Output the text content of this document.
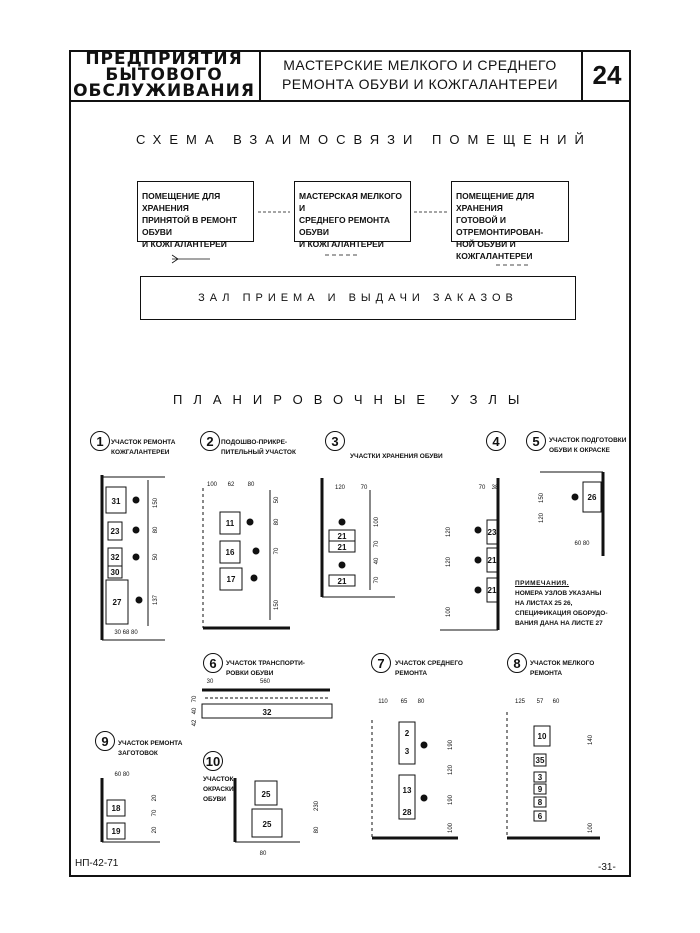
ПРЕДПРИЯТИЯ
БЫТОВОГО
ОБСЛУЖИВАНИЯ
МАСТЕРСКИЕ МЕЛКОГО И СРЕДНЕГО
РЕМОНТА ОБУВИ И КОЖГАЛАНТЕРЕИ	24
СХЕМА ВЗАИМОСВЯЗИ ПОМЕЩЕНИЙ
ПОМЕЩЕНИЕ ДЛЯ ХРАНЕНИЯ
ПРИНЯТОЙ В РЕМОНТ ОБУВИ
И КОЖГАЛАНТЕРЕИ
МАСТЕРСКАЯ МЕЛКОГО И
СРЕДНЕГО РЕМОНТА ОБУВИ
И КОЖГАЛАНТЕРЕИ
ПОМЕЩЕНИЕ ДЛЯ ХРАНЕНИЯ
ГОТОВОЙ И ОТРЕМОНТИРОВАН-
НОЙ ОБУВИ И КОЖГАЛАНТЕРЕИ
ЗАЛ ПРИЕМА И ВЫДАЧИ ЗАКАЗОВ
ПЛАНИРОВОЧНЫЕ УЗЛЫ
1	УЧАСТОК РЕМОНТА
КОЖГАЛАНТЕРЕИ
2	ПОДОШВО-ПРИКРЕ-
ПИТЕЛЬНЫЙ УЧАСТОК
3
УЧАСТКИ ХРАНЕНИЯ ОБУВИ
4	5	УЧАСТОК ПОДГОТОВКИ
ОБУВИ К ОКРАСКЕ
6	УЧАСТОК ТРАНСПОРТИ-
РОВКИ ОБУВИ
7	УЧАСТОК СРЕДНЕГО
РЕМОНТА
8	УЧАСТОК МЕЛКОГО
РЕМОНТА
9	УЧАСТОК РЕМОНТА
ЗАГОТОВОК	10
УЧАСТОК
ОКРАСКИ
ОБУВИ
ПРИМЕЧАНИЯ.
НОМЕРА УЗЛОВ УКАЗАНЫ
НА ЛИСТАХ 25 26,
СПЕЦИФИКАЦИЯ ОБОРУДО-
ВАНИЯ ДАНА НА ЛИСТЕ 27
НП-42-71	-31-
31
23
32
30
27
11
16
17
21
21
21
23
21
21
26
32
2
3
13
28
10
35
3
9
8
6
18
19
25
25
30 68 80
150
80
50
137
100 62 80
50
80
70
150
120	70
100
70
40
70
70 38
120
120
100
150
120
60 80
560
30
70
40
42
110 65 80
190
120
190
100
125 57 60
140
100
60 80
20
70
20
230
80
80
